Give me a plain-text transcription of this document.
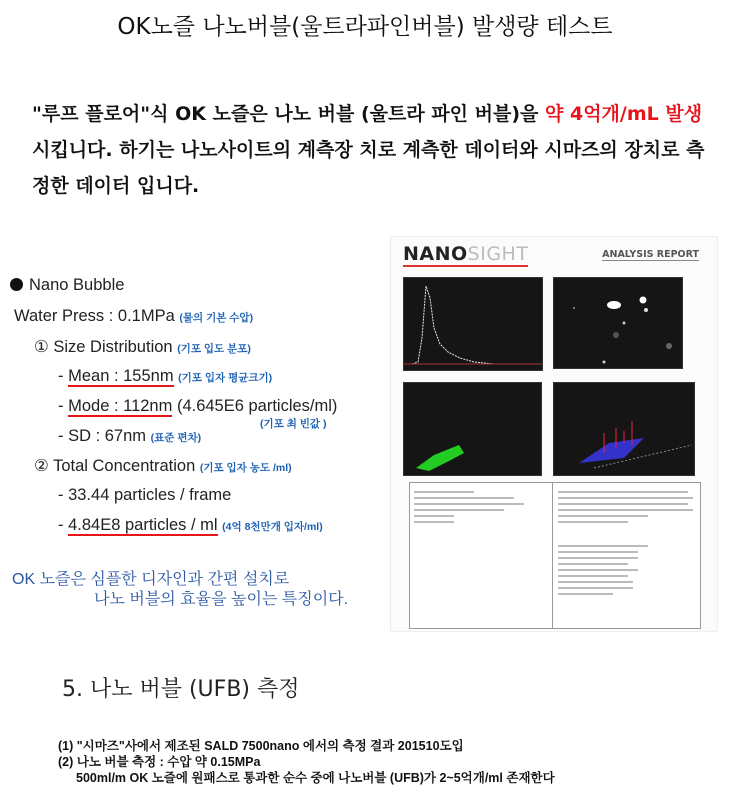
OK노즐 나노버블(울트라파인버블) 발생량 테스트
"루프 플로어"식 OK 노즐은 나노 버블 (울트라 파인 버블)을 약 4억개/mL 발생시킵니다. 하기는 나노사이트의 계측장 치로 계측한 데이터와 시마즈의 장치로 측정한 데이터 입니다.
Nano Bubble
Water Press : 0.1MPa (물의 기본 수압)
① Size Distribution (기포 입도 분포)
- Mean : 155nm (기포 입자 평균크기)
- Mode : 112nm (4.645E6 particles/ml)
(기포 최 빈값 )
- SD : 67nm (표준 편차)
② Total Concentration (기포 입자 농도 /ml)
- 33.44 particles / frame
- 4.84E8 particles / ml (4억 8천만개 입자/ml)
OK 노즐은 심플한 디자인과 간편 설치로
나노 버블의 효율을 높이는 특징이다.
NANOSIGHT	ANALYSIS REPORT
5. 나노 버블 (UFB) 측정
(1) "시마즈"사에서 제조된 SALD 7500nano 에서의 측정 결과 201510도입
(2) 나노 버블 측정 : 수압 약 0.15MPa
500ml/m OK 노즐에 원패스로 통과한 순수 중에 나노버블 (UFB)가 2~5억개/ml 존재한다
